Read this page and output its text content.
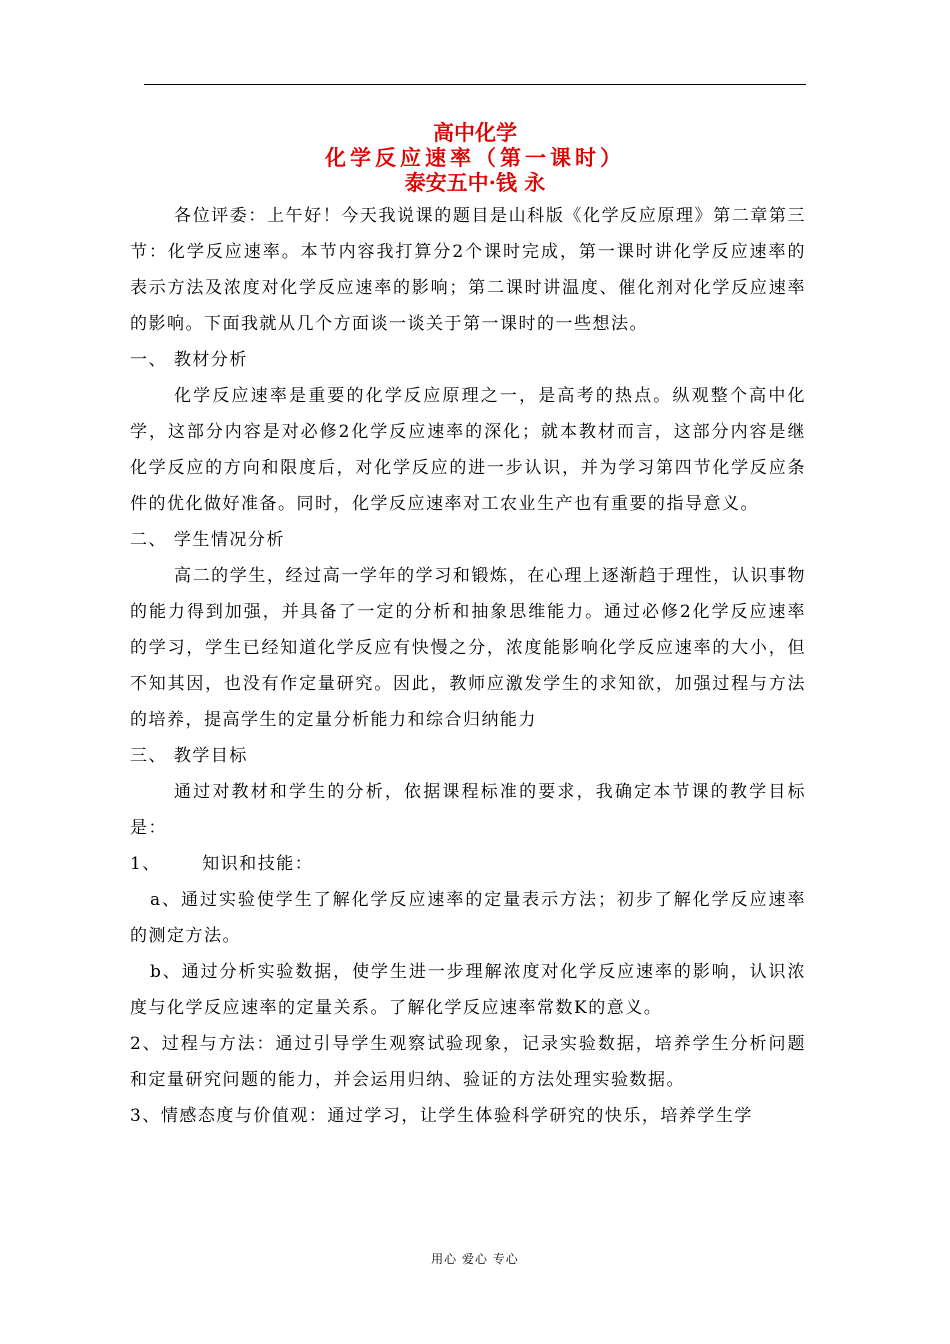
高中化学
化学反应速率（第一课时）
泰安五中·钱 永

各位评委：上午好！今天我说课的题目是山科版《化学反应原理》第二章第三节：化学反应速率。本节内容我打算分2个课时完成，第一课时讲化学反应速率的表示方法及浓度对化学反应速率的影响；第二课时讲温度、催化剂对化学反应速率的影响。下面我就从几个方面谈一谈关于第一课时的一些想法。

一、 教材分析

化学反应速率是重要的化学反应原理之一，是高考的热点。纵观整个高中化学，这部分内容是对必修2化学反应速率的深化；就本教材而言，这部分内容是继化学反应的方向和限度后，对化学反应的进一步认识，并为学习第四节化学反应条件的优化做好准备。同时，化学反应速率对工农业生产也有重要的指导意义。

二、 学生情况分析

高二的学生，经过高一学年的学习和锻炼，在心理上逐渐趋于理性，认识事物的能力得到加强，并具备了一定的分析和抽象思维能力。通过必修2化学反应速率的学习，学生已经知道化学反应有快慢之分，浓度能影响化学反应速率的大小，但不知其因，也没有作定量研究。因此，教师应激发学生的求知欲，加强过程与方法的培养，提高学生的定量分析能力和综合归纳能力

三、 教学目标

通过对教材和学生的分析，依据课程标准的要求，我确定本节课的教学目标是：

1、      知识和技能：

a、通过实验使学生了解化学反应速率的定量表示方法；初步了解化学反应速率的测定方法。

b、通过分析实验数据，使学生进一步理解浓度对化学反应速率的影响，认识浓度与化学反应速率的定量关系。了解化学反应速率常数K的意义。

2、过程与方法：通过引导学生观察试验现象，记录实验数据，培养学生分析问题和定量研究问题的能力，并会运用归纳、验证的方法处理实验数据。

3、情感态度与价值观：通过学习，让学生体验科学研究的快乐，培养学生学

用心 爱心 专心
